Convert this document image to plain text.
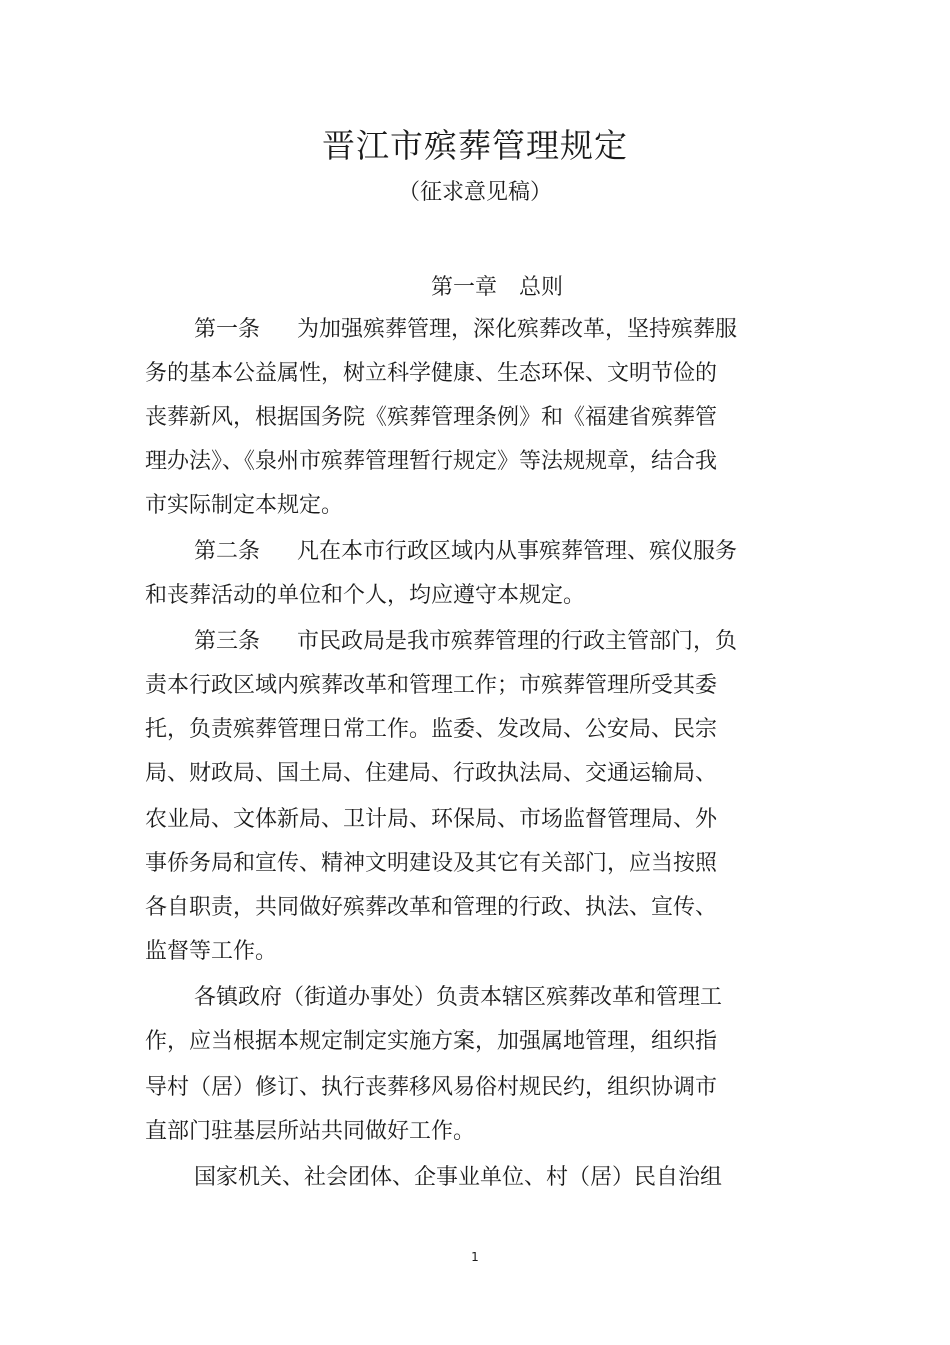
晋江市殡葬管理规定
（征求意见稿）
第一章　总则

第一条 为加强殡葬管理，深化殡葬改革，坚持殡葬服

务的基本公益属性，树立科学健康、生态环保、文明节俭的

丧葬新风，根据国务院《殡葬管理条例》和《福建省殡葬管

理办法》、《泉州市殡葬管理暂行规定》等法规规章，结合我

市实际制定本规定。

第二条 凡在本市行政区域内从事殡葬管理、殡仪服务

和丧葬活动的单位和个人，均应遵守本规定。

第三条 市民政局是我市殡葬管理的行政主管部门，负

责本行政区域内殡葬改革和管理工作；市殡葬管理所受其委

托，负责殡葬管理日常工作。监委、发改局、公安局、民宗

局、财政局、国土局、住建局、行政执法局、交通运输局、

农业局、文体新局、卫计局、环保局、市场监督管理局、外

事侨务局和宣传、精神文明建设及其它有关部门，应当按照

各自职责，共同做好殡葬改革和管理的行政、执法、宣传、

监督等工作。

各镇政府（街道办事处）负责本辖区殡葬改革和管理工

作，应当根据本规定制定实施方案，加强属地管理，组织指

导村（居）修订、执行丧葬移风易俗村规民约，组织协调市

直部门驻基层所站共同做好工作。

国家机关、社会团体、企事业单位、村（居）民自治组

1
